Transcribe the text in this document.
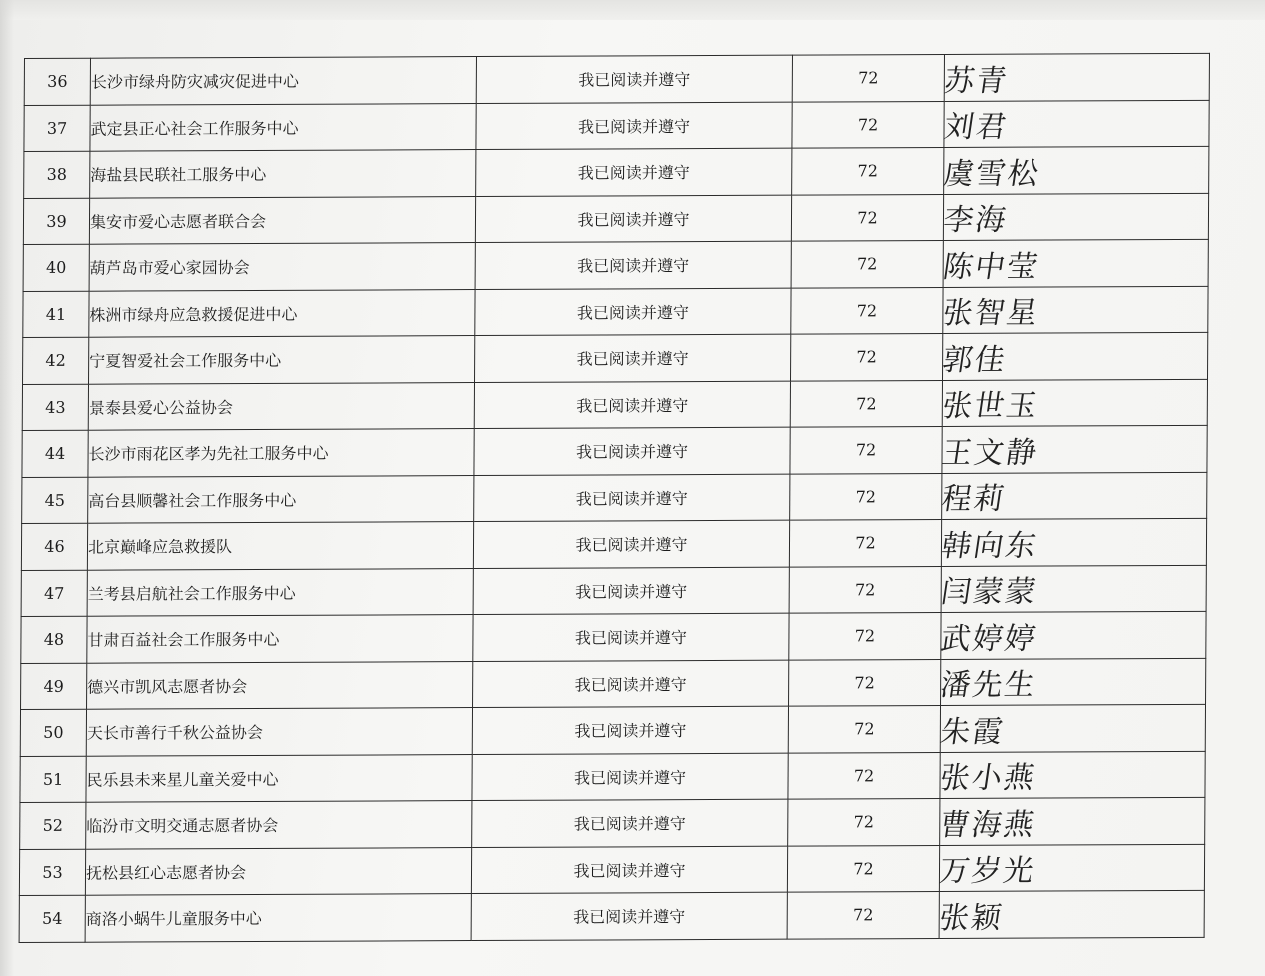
36	长沙市绿舟防灾减灾促进中心	我已阅读并遵守	72	苏青
37	武定县正心社会工作服务中心	我已阅读并遵守	72	刘君
38	海盐县民联社工服务中心	我已阅读并遵守	72	虞雪松
39	集安市爱心志愿者联合会	我已阅读并遵守	72	李海
40	葫芦岛市爱心家园协会	我已阅读并遵守	72	陈中莹
41	株洲市绿舟应急救援促进中心	我已阅读并遵守	72	张智星
42	宁夏智爱社会工作服务中心	我已阅读并遵守	72	郭佳
43	景泰县爱心公益协会	我已阅读并遵守	72	张世玉
44	长沙市雨花区孝为先社工服务中心	我已阅读并遵守	72	王文静
45	高台县顺馨社会工作服务中心	我已阅读并遵守	72	程莉
46	北京巅峰应急救援队	我已阅读并遵守	72	韩向东
47	兰考县启航社会工作服务中心	我已阅读并遵守	72	闫蒙蒙
48	甘肃百益社会工作服务中心	我已阅读并遵守	72	武婷婷
49	德兴市凯风志愿者协会	我已阅读并遵守	72	潘先生
50	天长市善行千秋公益协会	我已阅读并遵守	72	朱霞
51	民乐县未来星儿童关爱中心	我已阅读并遵守	72	张小燕
52	临汾市文明交通志愿者协会	我已阅读并遵守	72	曹海燕
53	抚松县红心志愿者协会	我已阅读并遵守	72	万岁光
54	商洛小蜗牛儿童服务中心	我已阅读并遵守	72	张颖
